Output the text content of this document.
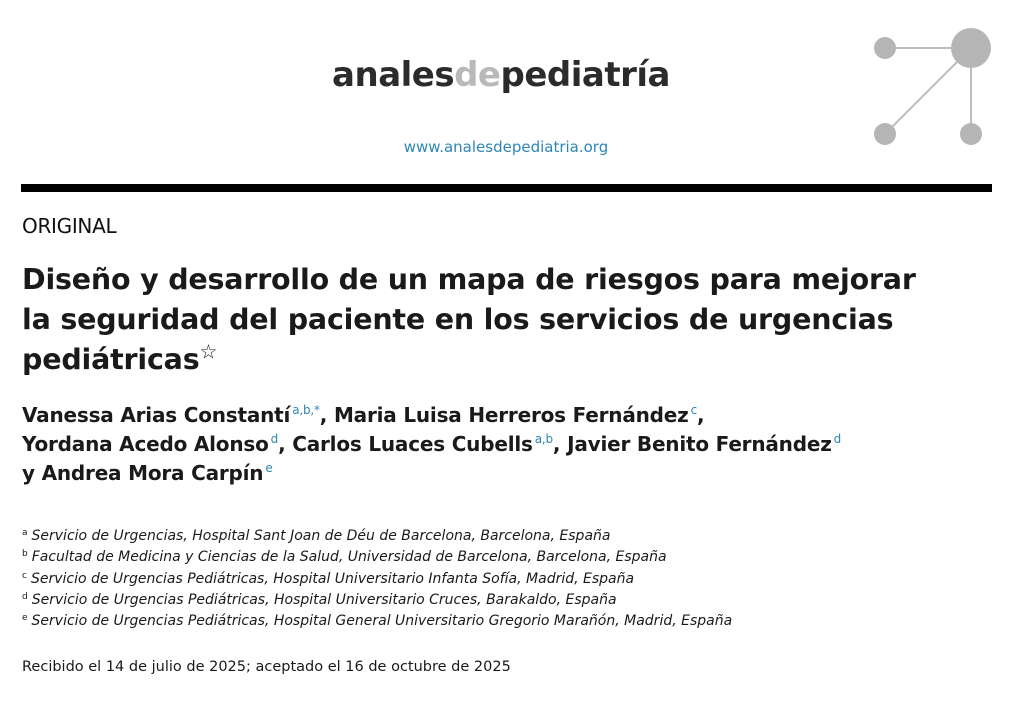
analesdepediatría
www.analesdepediatria.org
ORIGINAL
Diseño y desarrollo de un mapa de riesgos para mejorar la seguridad del paciente en los servicios de urgencias pediátricas☆
Vanessa Arias Constantí $^{a,b,*}$, Maria Luisa Herreros Fernández $^c$,
Yordana Acedo Alonso $^d$, Carlos Luaces Cubells $^{a,b}$, Javier Benito Fernández $^d$
y Andrea Mora Carpín $^e$
$^a$ Servicio de Urgencias, Hospital Sant Joan de Déu de Barcelona, Barcelona, España
$^b$ Facultad de Medicina y Ciencias de la Salud, Universidad de Barcelona, Barcelona, España
$^c$ Servicio de Urgencias Pediátricas, Hospital Universitario Infanta Sofía, Madrid, España
$^d$ Servicio de Urgencias Pediátricas, Hospital Universitario Cruces, Barakaldo, España
$^e$ Servicio de Urgencias Pediátricas, Hospital General Universitario Gregorio Marañón, Madrid, España
Recibido el 14 de julio de 2025; aceptado el 16 de octubre de 2025
